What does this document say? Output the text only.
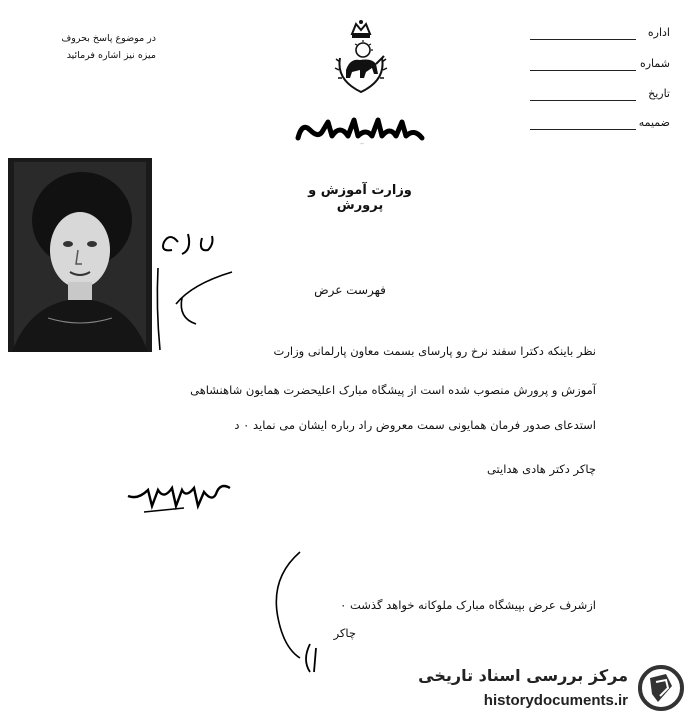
اداره
شماره
تاریخ
ضمیمه
در موضوع پاسخ بحروف
میزه نیز اشاره فرمائید
شهنشاهی
وزارت آموزش و پرورش
فهرست عرض
نظر باینکه دکترا سفند نرخ رو پارسای بسمت معاون پارلمانی وزارت
آموزش و پرورش منصوب شده است از پیشگاه مبارک اعلیحضرت همایون شاهنشاهی
استدعای صدور فرمان همایونی سمت معروض راد رباره ایشان می نماید ۰ د
چاکر دکتر هادی هدایتی
ازشرف عرض بپیشگاه مبارک ملوکانه خواهد گذشت ۰
چاکر
مرکز بررسی اسناد تاریخی
historydocuments.ir
